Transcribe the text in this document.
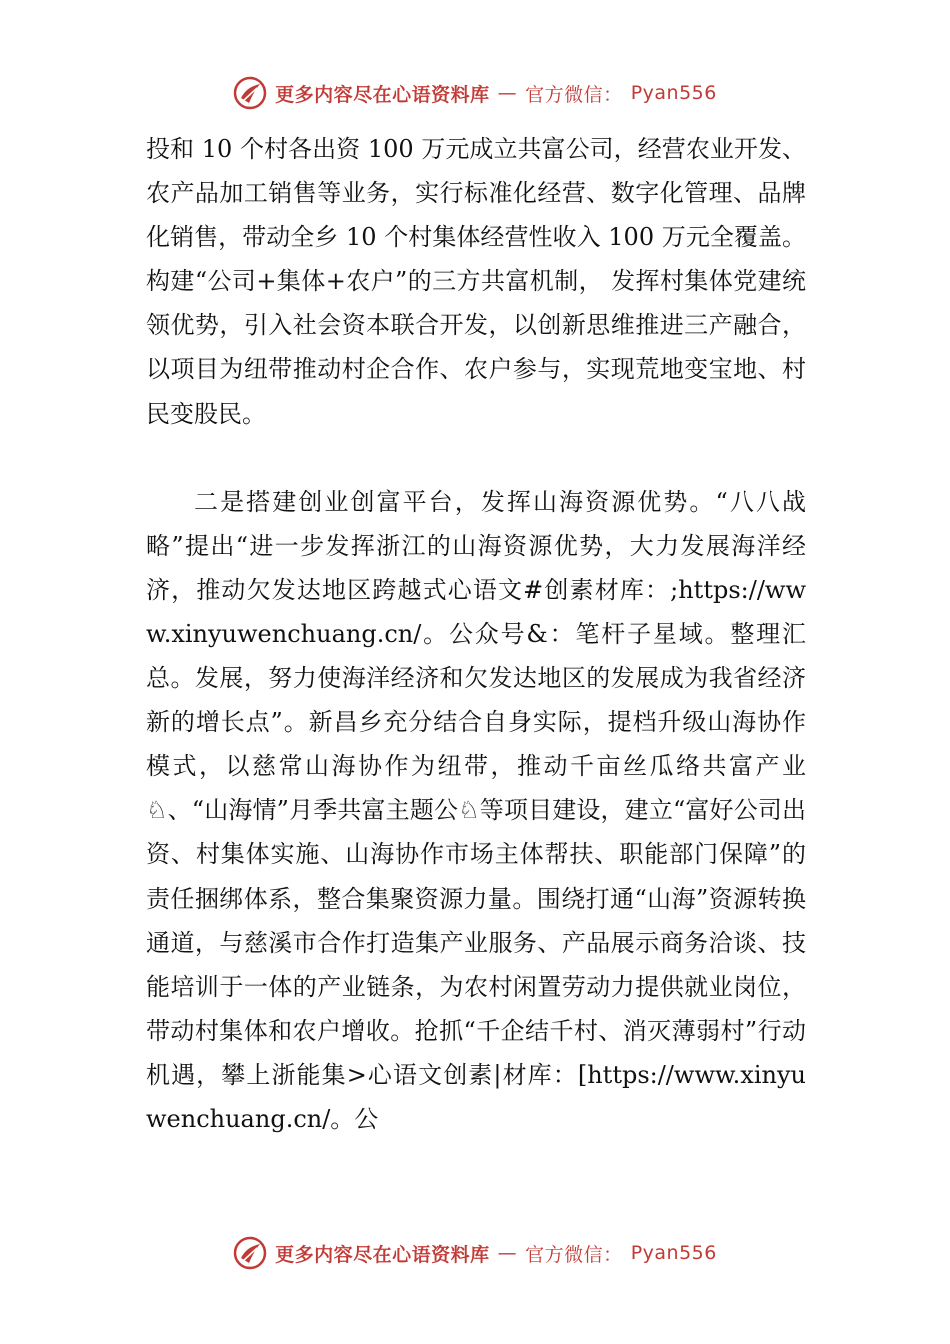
更多内容尽在心语资料库 — 官方微信： Pyan556

投和 10 个村各出资 100 万元成立共富公司，经营农业开发、农产品加工销售等业务，实行标准化经营、数字化管理、品牌化销售，带动全乡 10 个村集体经营性收入 100 万元全覆盖。构建“公司+集体+农户”的三方共富机制， 发挥村集体党建统领优势，引入社会资本联合开发，以创新思维推进三产融合，以项目为纽带推动村企合作、农户参与，实现荒地变宝地、村民变股民。

二是搭建创业创富平台，发挥山海资源优势。“八八战略”提出“进一步发挥浙江的山海资源优势，大力发展海洋经济，推动欠发达地区跨越式心语文#创素材库：;https://www.xinyuwenchuang.cn/。公众号&：笔杆子星域。整理汇总。发展，努力使海洋经济和欠发达地区的发展成为我省经济新的增长点”。新昌乡充分结合自身实际，提档升级山海协作模式，以慈常山海协作为纽带，推动千亩丝瓜络共富产业♘、“山海情”月季共富主题公♘等项目建设，建立“富好公司出资、村集体实施、山海协作市场主体帮扶、职能部门保障”的责任捆绑体系，整合集聚资源力量。围绕打通“山海”资源转换通道，与慈溪市合作打造集产业服务、产品展示商务洽谈、技能培训于一体的产业链条，为农村闲置劳动力提供就业岗位，带动村集体和农户增收。抢抓“千企结千村、消灭薄弱村”行动机遇，攀上浙能集>心语文创素|材库：[https://www.xinyuwenchuang.cn/。公

更多内容尽在心语资料库 — 官方微信： Pyan556
